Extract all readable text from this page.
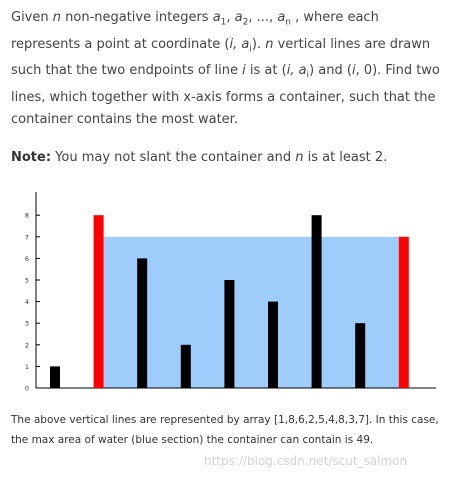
Given n non-negative integers $a_1$, $a_2$, ..., $a_n$ , where each represents a point at coordinate (i, $a_i$). n vertical lines are drawn such that the two endpoints of line i is at (i, $a_i$) and (i, 0). Find two lines, which together with x-axis forms a container, such that the container contains the most water.

Note: You may not slant the container and n is at least 2.

0
1
2
3
4
5
6
7
8
The above vertical lines are represented by array [1,8,6,2,5,4,8,3,7]. In this case,
the max area of water (blue section) the container can contain is 49.
https://blog.csdn.net/scut_salmon
